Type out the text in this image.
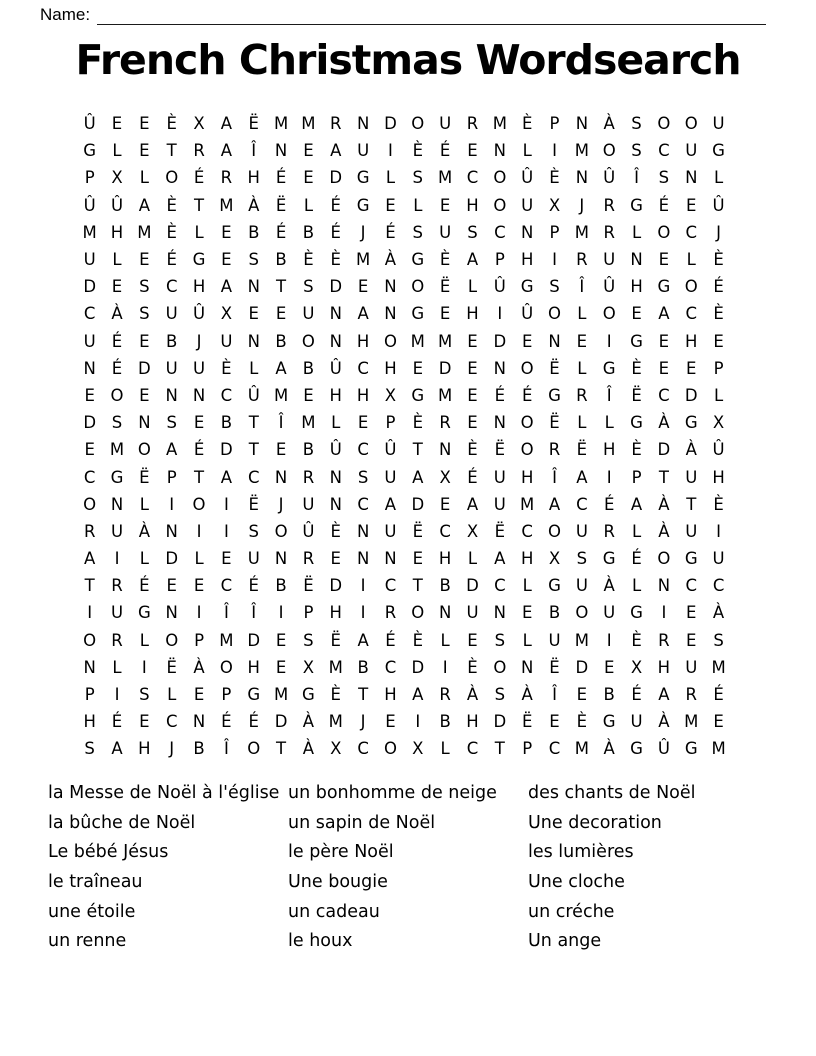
Name:
French Christmas Wordsearch
Û E	E	È X A Ë M M R N D O U R M È	P N À S O O U
G L	E	T	R A	Î	N E A U	I	È	É	E N	L	I	M O S C U G
P	X	L O É R H É	E D G L	S M C O Û È N Û	Î	S N	L
Û Û A È	T M À Ë	L	É G E	L	E H O U X	J	R G É	E Û
M H M È	L	E B É B É	J	É	S U S C N P M R	L O C	J
U	L	E	É G E	S B È	È M À G È A	P H	I	R U N E	L	È
D E	S C H A N T	S D E N O Ë	L	Û G S	Î	Û H G O É
C À S U Û X E	E U N A N G E H	I	Û O L O E A C È
U É	E B	J	U N B O N H O M M E D E N E	I	G E H E
N É D U U È	L	A B Û C H E D E N O Ë	L G È	E	E	P
E O E N N C Û M E H H X G M E	É	É G R	Î	Ë C D L
D S N S	E B	T	Î	M L	E	P	È R E N O Ë	L	L G À G X
E M O A É D T	E B Û C Û T N È	Ë O R Ë H È D À Û
C G Ë	P	T	A C N R N S U A X É U H	Î	A	I	P	T U H
O N	L	I	O	I	Ë	J	U N C A D E A U M A C É A À	T	È
R U À N	I	I	S O Û È N U Ë C X Ë C O U R	L	À U	I
A	I	L D L	E U N R E N N E H	L	A H X S G É O G U
T	R É	E	E C É B Ë D	I	C	T	B D C	L G U À	L	N C C
I	U G N	I	Î	Î	I	P H	I	R O N U N E B O U G	I	E À
O R	L O P M D E	S	Ë A É	È	L	E	S	L	U M	I	È R E	S
N	L	I	Ë À O H E X M B C D	I	È O N Ë D E X H U M
P	I	S	L	E	P G M G È	T H A R À S À	Î	E B É A R É
H É	E C N É	É D À M	J	E	I	B H D Ë	E	È G U À M E
S A H	J	B	Î	O T	À X C O X	L	C	T	P	C M À G Û G M
la Messe de Noël à l'église
la bûche de Noël
Le bébé Jésus
le traîneau
une étoile
un renne
un bonhomme de neige
un sapin de Noël
le père Noël
Une bougie
un cadeau
le houx
des chants de Noël
Une decoration
les lumières
Une cloche
un créche
Un ange
